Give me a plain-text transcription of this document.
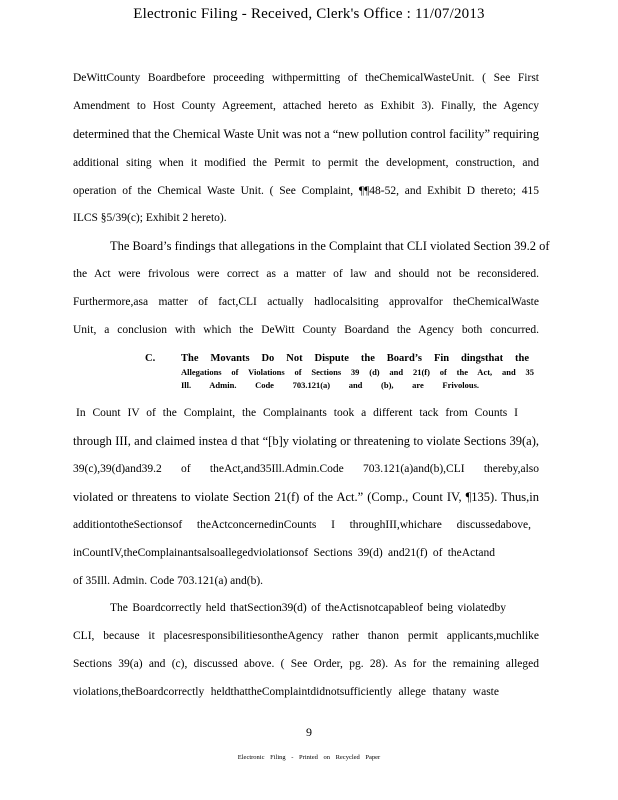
Electronic Filing - Received, Clerk's Office : 11/07/2013
DeWittCounty Boardbefore proceeding withpermitting of theChemicalWasteUnit. ( See First
Amendment to Host County Agreement, attached hereto as Exhibit 3). Finally, the Agency
determined that the Chemical Waste Unit was not a “new pollution control facility” requiring
additional siting when it modified the Permit to permit the development, construction, and
operation of the Chemical Waste Unit. ( See Complaint, ¶¶48-52, and Exhibit D thereto; 415
ILCS §5/39(c); Exhibit 2 hereto).
The Board’s findings that allegations in the Complaint that CLI violated Section 39.2 of
the Act were frivolous were correct as a matter of law and should not be reconsidered.
Furthermore,asa matter of fact,CLI actually hadlocalsiting approvalfor theChemicalWaste
Unit, a conclusion with which the DeWitt County Boardand the Agency both concurred.
C. The Movants Do Not Dispute the Board’s Fin dingsthat the
Allegations of Violations of Sections 39 (d) and 21(f) of the Act, and 35
Ill. Admin. Code 703.121(a) and (b), are Frivolous.
In Count IV of the Complaint, the Complainants took a different tack from Counts I
through III, and claimed instea d that “[b]y violating or threatening to violate Sections 39(a),
39(c),39(d)and39.2 of theAct,and35Ill.Admin.Code 703.121(a)and(b),CLI thereby,also
violated or threatens to violate Section 21(f) of the Act.” (Comp., Count IV, ¶135). Thus,in
additiontotheSectionsof theActconcernedinCounts I throughIII,whichare discussedabove,
inCountIV,theComplainantsalsoallegedviolationsof Sections 39(d) and21(f) of theActand
of 35Ill. Admin. Code 703.121(a) and(b).
The Boardcorrectly held thatSection39(d) of theActisnotcapableof being violatedby
CLI, because it placesresponsibilitiesontheAgency rather thanon permit applicants,muchlike
Sections 39(a) and (c), discussed above. ( See Order, pg. 28). As for the remaining alleged
violations,theBoardcorrectly heldthattheComplaintdidnotsufficiently allege thatany waste
9
Electronic Filing - Printed on Recycled Paper
